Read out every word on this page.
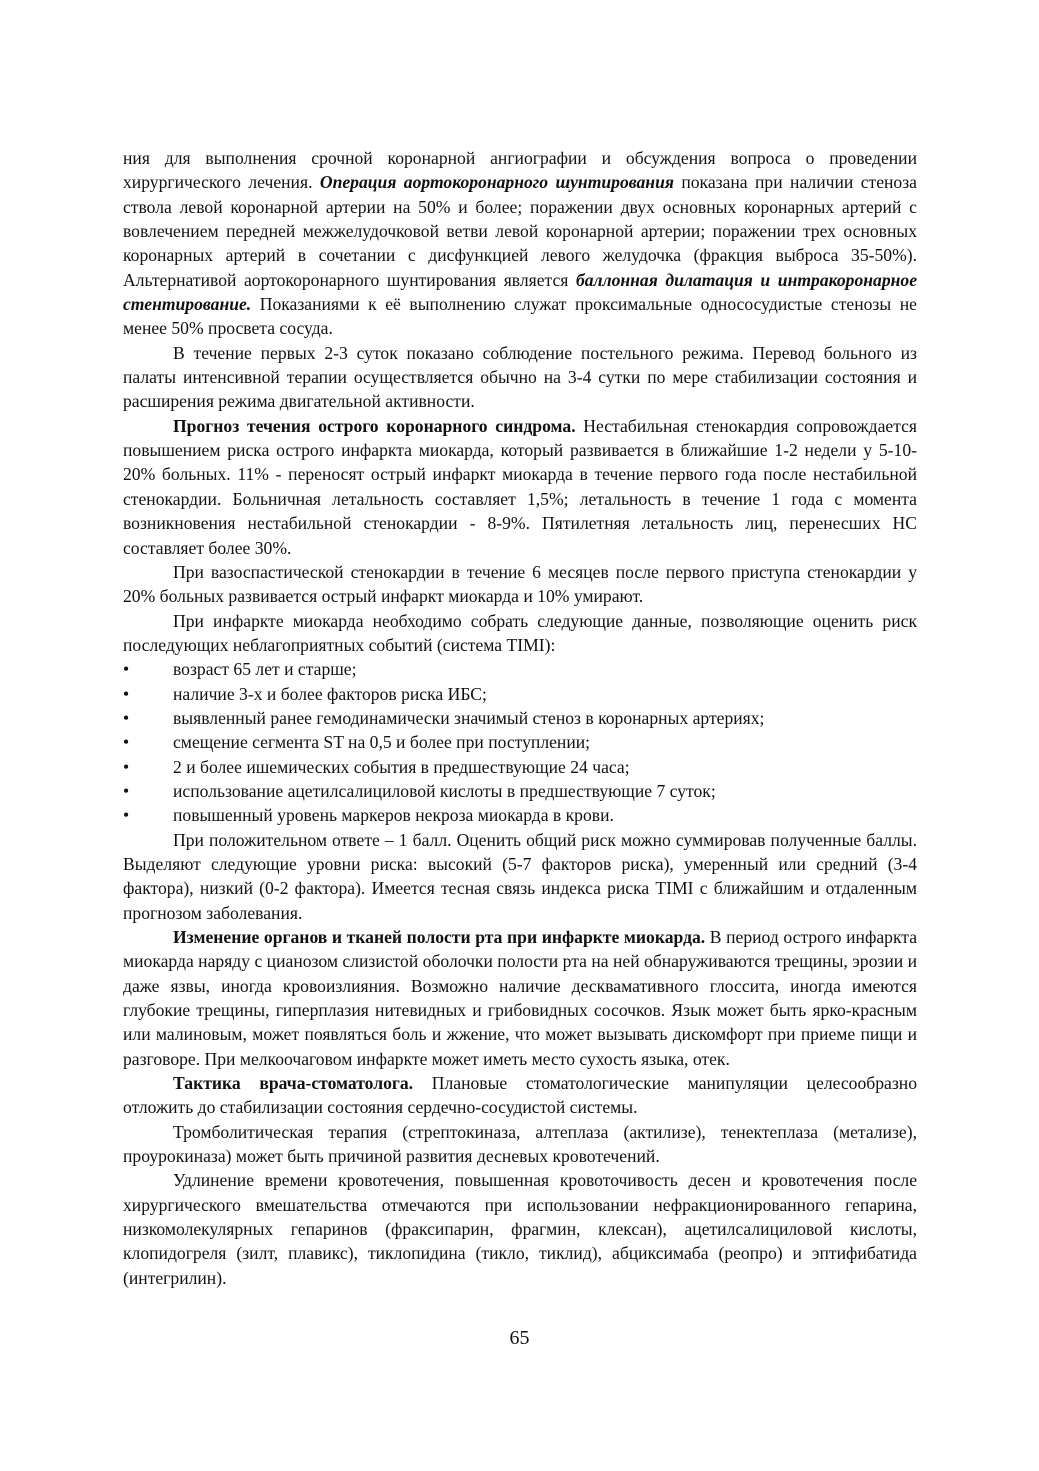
ния для выполнения срочной коронарной ангиографии и обсуждения вопроса о проведении хирургического лечения. Операция аортокоронарного шунтирования показана при наличии стеноза ствола левой коронарной артерии на 50% и более; поражении двух основных коронарных артерий с вовлечением передней межжелудочковой ветви левой коронарной артерии; поражении трех основных коронарных артерий в сочетании с дисфункцией левого желудочка (фракция выброса 35-50%). Альтернативой аортокоронарного шунтирования является баллонная дилатация и интракоронарное стентирование. Показаниями к её выполнению служат проксимальные однососудистые стенозы не менее 50% просвета сосуда.

В течение первых 2-3 суток показано соблюдение постельного режима. Перевод больного из палаты интенсивной терапии осуществляется обычно на 3-4 сутки по мере стабилизации состояния и расширения режима двигательной активности.

Прогноз течения острого коронарного синдрома. Нестабильная стенокардия сопровождается повышением риска острого инфаркта миокарда, который развивается в ближайшие 1-2 недели у 5-10-20% больных. 11% - переносят острый инфаркт миокарда в течение первого года после нестабильной стенокардии. Больничная летальность составляет 1,5%; летальность в течение 1 года с момента возникновения нестабильной стенокардии - 8-9%. Пятилетняя летальность лиц, перенесших НС составляет более 30%.

При вазоспастической стенокардии в течение 6 месяцев после первого приступа стенокардии у 20% больных развивается острый инфаркт миокарда и 10% умирают.

При инфаркте миокарда необходимо собрать следующие данные, позволяющие оценить риск последующих неблагоприятных событий (система TIMI):

• возраст 65 лет и старше;
• наличие 3-х и более факторов риска ИБС;
• выявленный ранее гемодинамически значимый стеноз в коронарных артериях;
• смещение сегмента ST на 0,5 и более при поступлении;
• 2 и более ишемических события в предшествующие 24 часа;
• использование ацетилсалициловой кислоты в предшествующие 7 суток;
• повышенный уровень маркеров некроза миокарда в крови.

При положительном ответе – 1 балл. Оценить общий риск можно суммировав полученные баллы. Выделяют следующие уровни риска: высокий (5-7 факторов риска), умеренный или средний (3-4 фактора), низкий (0-2 фактора). Имеется тесная связь индекса риска TIMI с ближайшим и отдаленным прогнозом заболевания.

Изменение органов и тканей полости рта при инфаркте миокарда. В период острого инфаркта миокарда наряду с цианозом слизистой оболочки полости рта на ней обнаруживаются трещины, эрозии и даже язвы, иногда кровоизлияния. Возможно наличие десквамативного глоссита, иногда имеются глубокие трещины, гиперплазия нитевидных и грибовидных сосочков. Язык может быть ярко-красным или малиновым, может появляться боль и жжение, что может вызывать дискомфорт при приеме пищи и разговоре. При мелкоочаговом инфаркте может иметь место сухость языка, отек.

Тактика врача-стоматолога. Плановые стоматологические манипуляции целесообразно отложить до стабилизации состояния сердечно-сосудистой системы.

Тромболитическая терапия (стрептокиназа, алтеплаза (актилизе), тенектеплаза (метализе), проурокиназа) может быть причиной развития десневых кровотечений.

Удлинение времени кровотечения, повышенная кровоточивость десен и кровотечения после хирургического вмешательства отмечаются при использовании нефракционированного гепарина, низкомолекулярных гепаринов (фраксипарин, фрагмин, клексан), ацетилсалициловой кислоты, клопидогреля (зилт, плавикс), тиклопидина (тикло, тиклид), абциксимаба (реопро) и эптифибатида (интегрилин).

65
